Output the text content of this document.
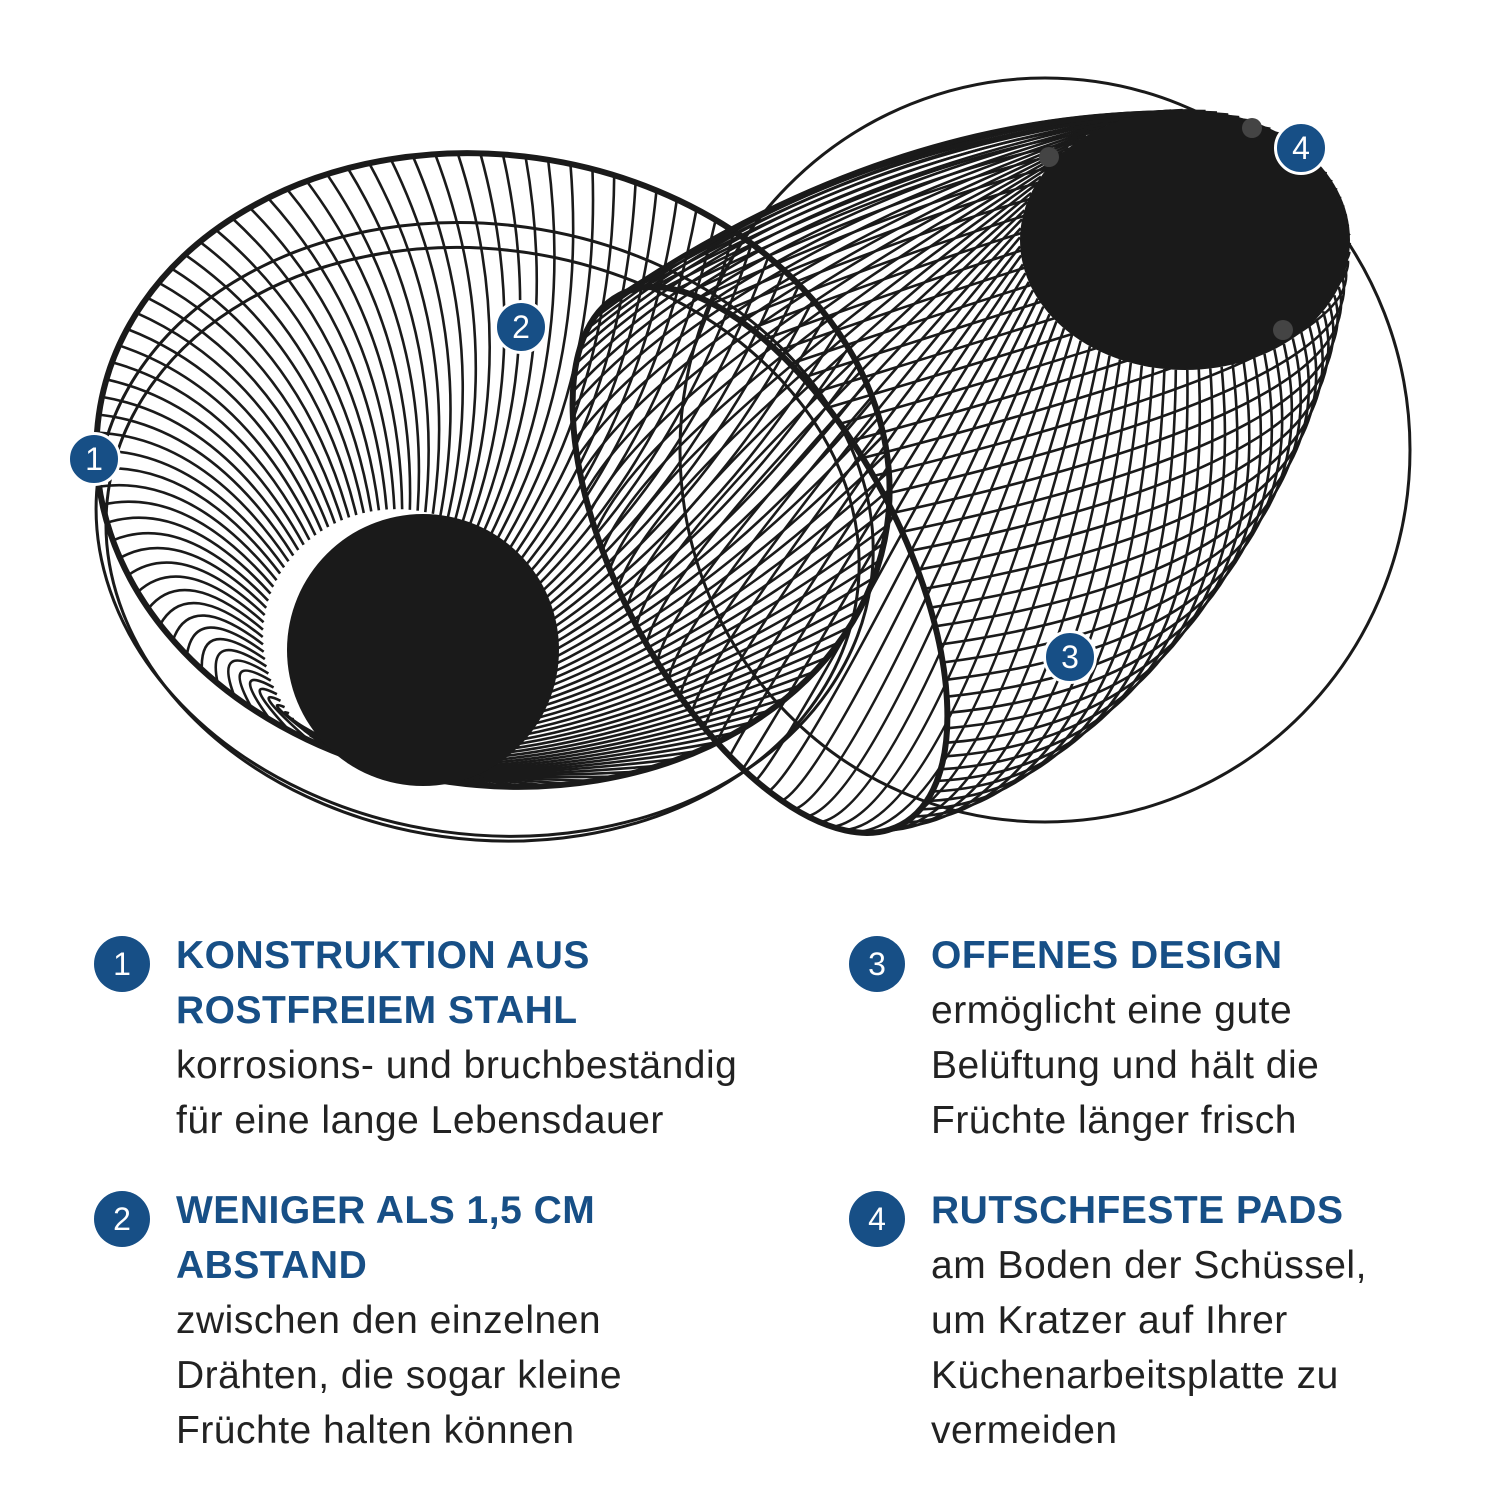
1
2
3
4
1	KONSTRUKTION AUS
ROSTFREIEM STAHL

korrosions- und bruchbeständig
für eine lange Lebensdauer

2	WENIGER ALS 1,5 CM
ABSTAND

zwischen den einzelnen
Drähten, die sogar kleine
Früchte halten können

3	OFFENES DESIGN

ermöglicht eine gute
Belüftung und hält die
Früchte länger frisch

4	RUTSCHFESTE PADS

am Boden der Schüssel,
um Kratzer auf Ihrer
Küchenarbeitsplatte zu
vermeiden
